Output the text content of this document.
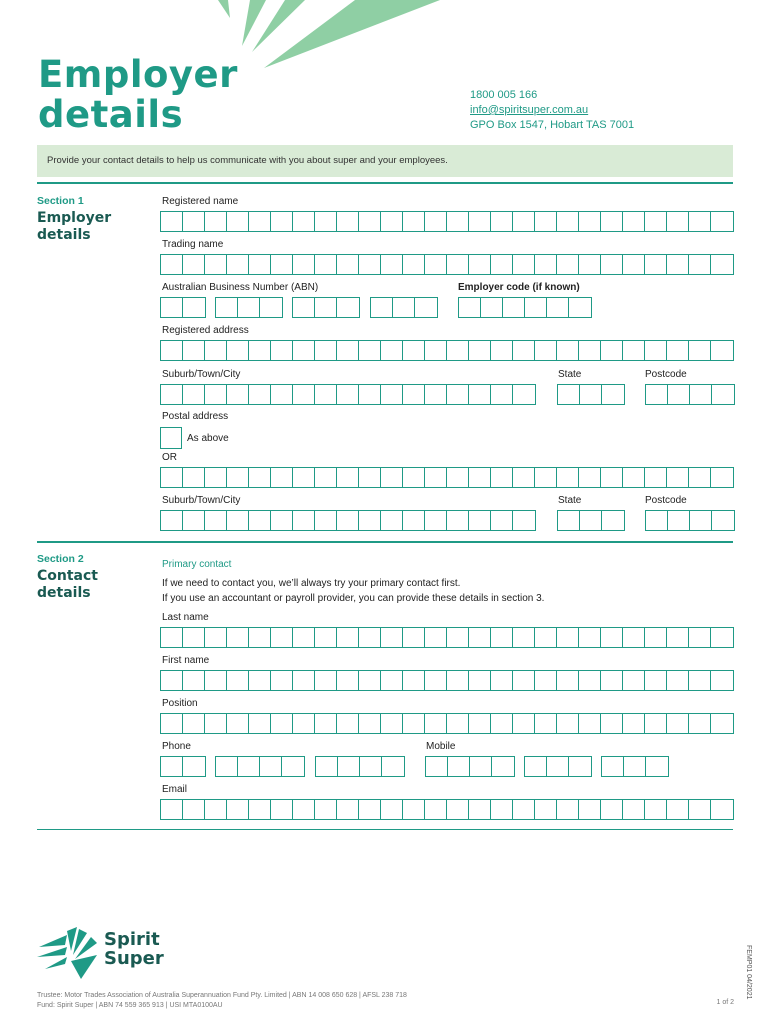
Employer
details	1800 005 166
info@spiritsuper.com.au
GPO Box 1547, Hobart TAS 7001
Provide your contact details to help us communicate with you about super and your employees.
Section 1
Employer
details
Registered name
Trading name
Australian Business Number (ABN)	Employer code (if known)
Registered address
Suburb/Town/City	State	Postcode
Postal address
As above
OR
Suburb/Town/City	State	Postcode
Section 2
Contact
details
Primary contact
If we need to contact you, we’ll always try your primary contact first.
If you use an accountant or payroll provider, you can provide these details in section 3.
Last name
First name
Position
Phone	Mobile
Email
Spirit
Super	FEMP01 04/2021
Trustee: Motor Trades Association of Australia Superannuation Fund Pty. Limited | ABN 14 008 650 628 | AFSL 238 718
Fund: Spirit Super | ABN 74 559 365 913 | USI MTA0100AU	1 of 2
